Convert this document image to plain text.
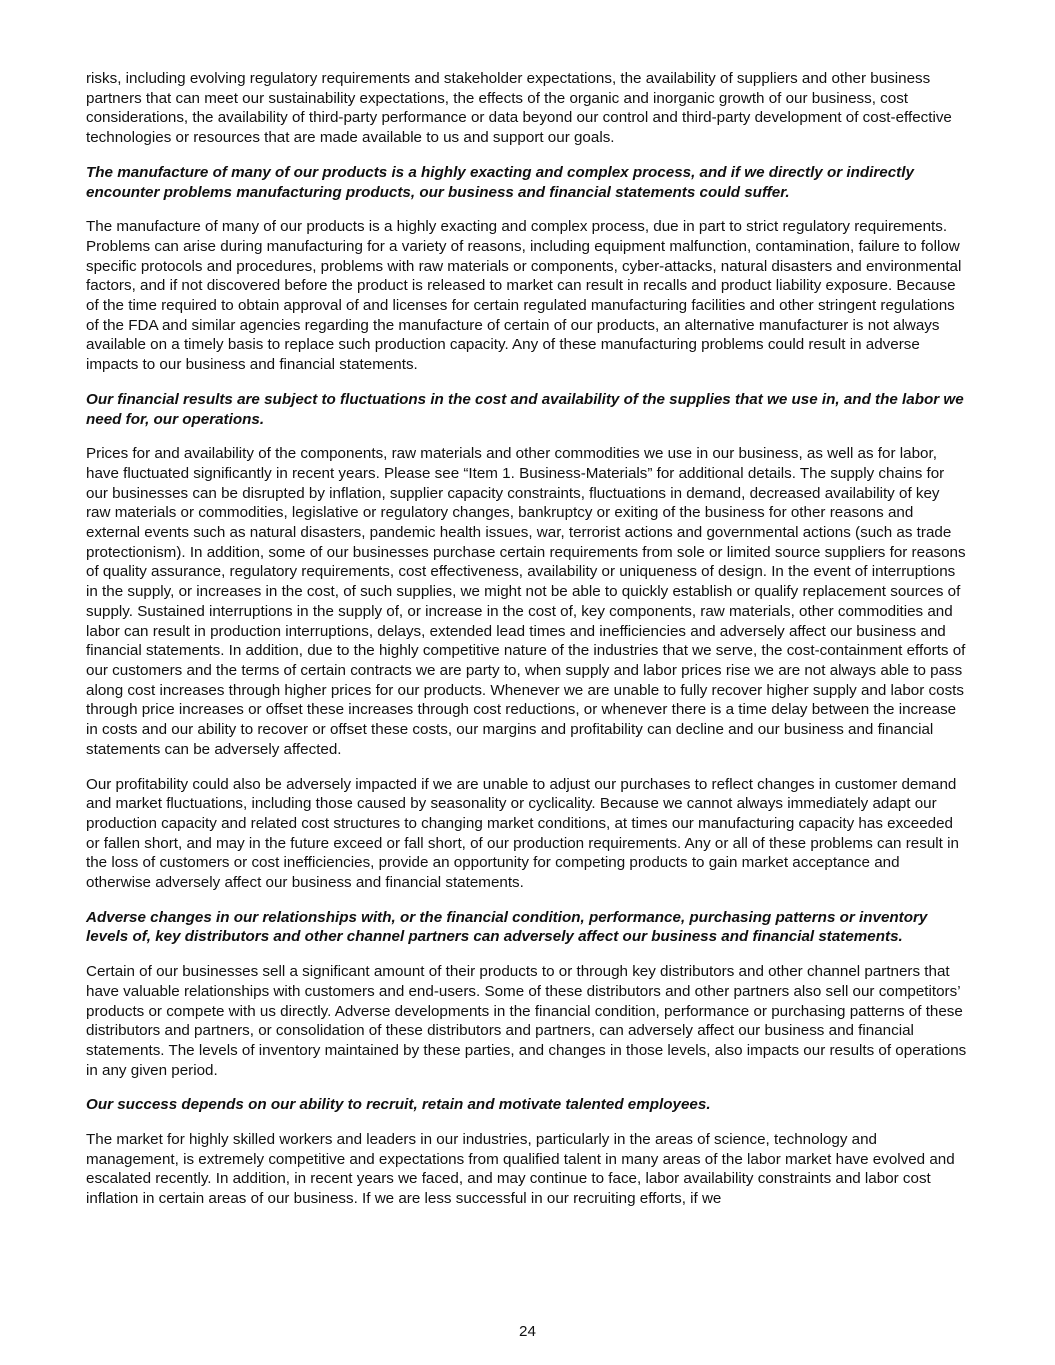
risks, including evolving regulatory requirements and stakeholder expectations, the availability of suppliers and other business partners that can meet our sustainability expectations, the effects of the organic and inorganic growth of our business, cost considerations, the availability of third-party performance or data beyond our control and third-party development of cost-effective technologies or resources that are made available to us and support our goals.

The manufacture of many of our products is a highly exacting and complex process, and if we directly or indirectly encounter problems manufacturing products, our business and financial statements could suffer.

The manufacture of many of our products is a highly exacting and complex process, due in part to strict regulatory requirements. Problems can arise during manufacturing for a variety of reasons, including equipment malfunction, contamination, failure to follow specific protocols and procedures, problems with raw materials or components, cyber-attacks, natural disasters and environmental factors, and if not discovered before the product is released to market can result in recalls and product liability exposure. Because of the time required to obtain approval of and licenses for certain regulated manufacturing facilities and other stringent regulations of the FDA and similar agencies regarding the manufacture of certain of our products, an alternative manufacturer is not always available on a timely basis to replace such production capacity. Any of these manufacturing problems could result in adverse impacts to our business and financial statements.

Our financial results are subject to fluctuations in the cost and availability of the supplies that we use in, and the labor we need for, our operations.

Prices for and availability of the components, raw materials and other commodities we use in our business, as well as for labor, have fluctuated significantly in recent years. Please see “Item 1. Business-Materials” for additional details. The supply chains for our businesses can be disrupted by inflation, supplier capacity constraints, fluctuations in demand, decreased availability of key raw materials or commodities, legislative or regulatory changes, bankruptcy or exiting of the business for other reasons and external events such as natural disasters, pandemic health issues, war, terrorist actions and governmental actions (such as trade protectionism). In addition, some of our businesses purchase certain requirements from sole or limited source suppliers for reasons of quality assurance, regulatory requirements, cost effectiveness, availability or uniqueness of design. In the event of interruptions in the supply, or increases in the cost, of such supplies, we might not be able to quickly establish or qualify replacement sources of supply. Sustained interruptions in the supply of, or increase in the cost of, key components, raw materials, other commodities and labor can result in production interruptions, delays, extended lead times and inefficiencies and adversely affect our business and financial statements. In addition, due to the highly competitive nature of the industries that we serve, the cost-containment efforts of our customers and the terms of certain contracts we are party to, when supply and labor prices rise we are not always able to pass along cost increases through higher prices for our products. Whenever we are unable to fully recover higher supply and labor costs through price increases or offset these increases through cost reductions, or whenever there is a time delay between the increase in costs and our ability to recover or offset these costs, our margins and profitability can decline and our business and financial statements can be adversely affected.

Our profitability could also be adversely impacted if we are unable to adjust our purchases to reflect changes in customer demand and market fluctuations, including those caused by seasonality or cyclicality. Because we cannot always immediately adapt our production capacity and related cost structures to changing market conditions, at times our manufacturing capacity has exceeded or fallen short, and may in the future exceed or fall short, of our production requirements. Any or all of these problems can result in the loss of customers or cost inefficiencies, provide an opportunity for competing products to gain market acceptance and otherwise adversely affect our business and financial statements.

Adverse changes in our relationships with, or the financial condition, performance, purchasing patterns or inventory levels of, key distributors and other channel partners can adversely affect our business and financial statements.

Certain of our businesses sell a significant amount of their products to or through key distributors and other channel partners that have valuable relationships with customers and end-users. Some of these distributors and other partners also sell our competitors’ products or compete with us directly. Adverse developments in the financial condition, performance or purchasing patterns of these distributors and partners, or consolidation of these distributors and partners, can adversely affect our business and financial statements. The levels of inventory maintained by these parties, and changes in those levels, also impacts our results of operations in any given period.

Our success depends on our ability to recruit, retain and motivate talented employees.

The market for highly skilled workers and leaders in our industries, particularly in the areas of science, technology and management, is extremely competitive and expectations from qualified talent in many areas of the labor market have evolved and escalated recently. In addition, in recent years we faced, and may continue to face, labor availability constraints and labor cost inflation in certain areas of our business. If we are less successful in our recruiting efforts, if we

24
